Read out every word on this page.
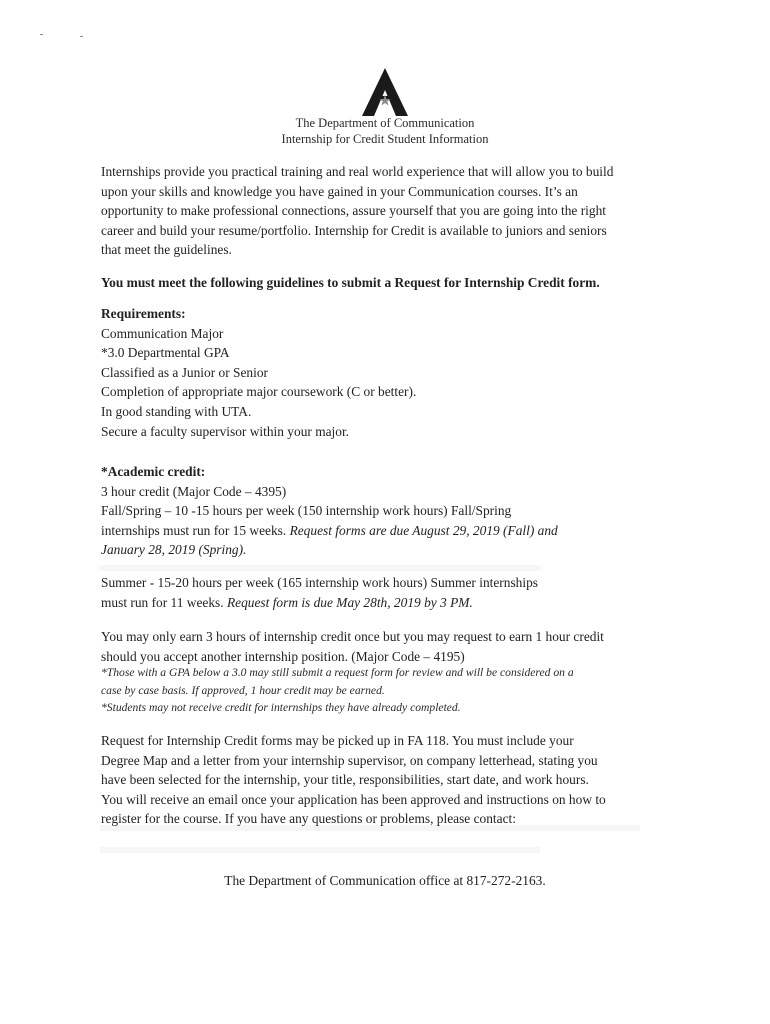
The Department of Communication
Internship for Credit Student Information
Internships provide you practical training and real world experience that will allow you to build
upon your skills and knowledge you have gained in your Communication courses. It’s an
opportunity to make professional connections, assure yourself that you are going into the right
career and build your resume/portfolio. Internship for Credit is available to juniors and seniors
that meet the guidelines.
You must meet the following guidelines to submit a Request for Internship Credit form.
Requirements:
Communication Major
*3.0 Departmental GPA
Classified as a Junior or Senior
Completion of appropriate major coursework (C or better).
In good standing with UTA.
Secure a faculty supervisor within your major.
*Academic credit:
3 hour credit (Major Code – 4395)
Fall/Spring – 10 -15 hours per week (150 internship work hours) Fall/Spring
internships must run for 15 weeks. Request forms are due August 29, 2019 (Fall) and
January 28, 2019 (Spring).
Summer - 15-20 hours per week (165 internship work hours) Summer internships
must run for 11 weeks. Request form is due May 28th, 2019 by 3 PM.
You may only earn 3 hours of internship credit once but you may request to earn 1 hour credit
should you accept another internship position. (Major Code – 4195)
*Those with a GPA below a 3.0 may still submit a request form for review and will be considered on a
case by case basis. If approved, 1 hour credit may be earned.
*Students may not receive credit for internships they have already completed.
Request for Internship Credit forms may be picked up in FA 118. You must include your
Degree Map and a letter from your internship supervisor, on company letterhead, stating you
have been selected for the internship, your title, responsibilities, start date, and work hours.
You will receive an email once your application has been approved and instructions on how to
register for the course. If you have any questions or problems, please contact:
The Department of Communication office at 817-272-2163.
